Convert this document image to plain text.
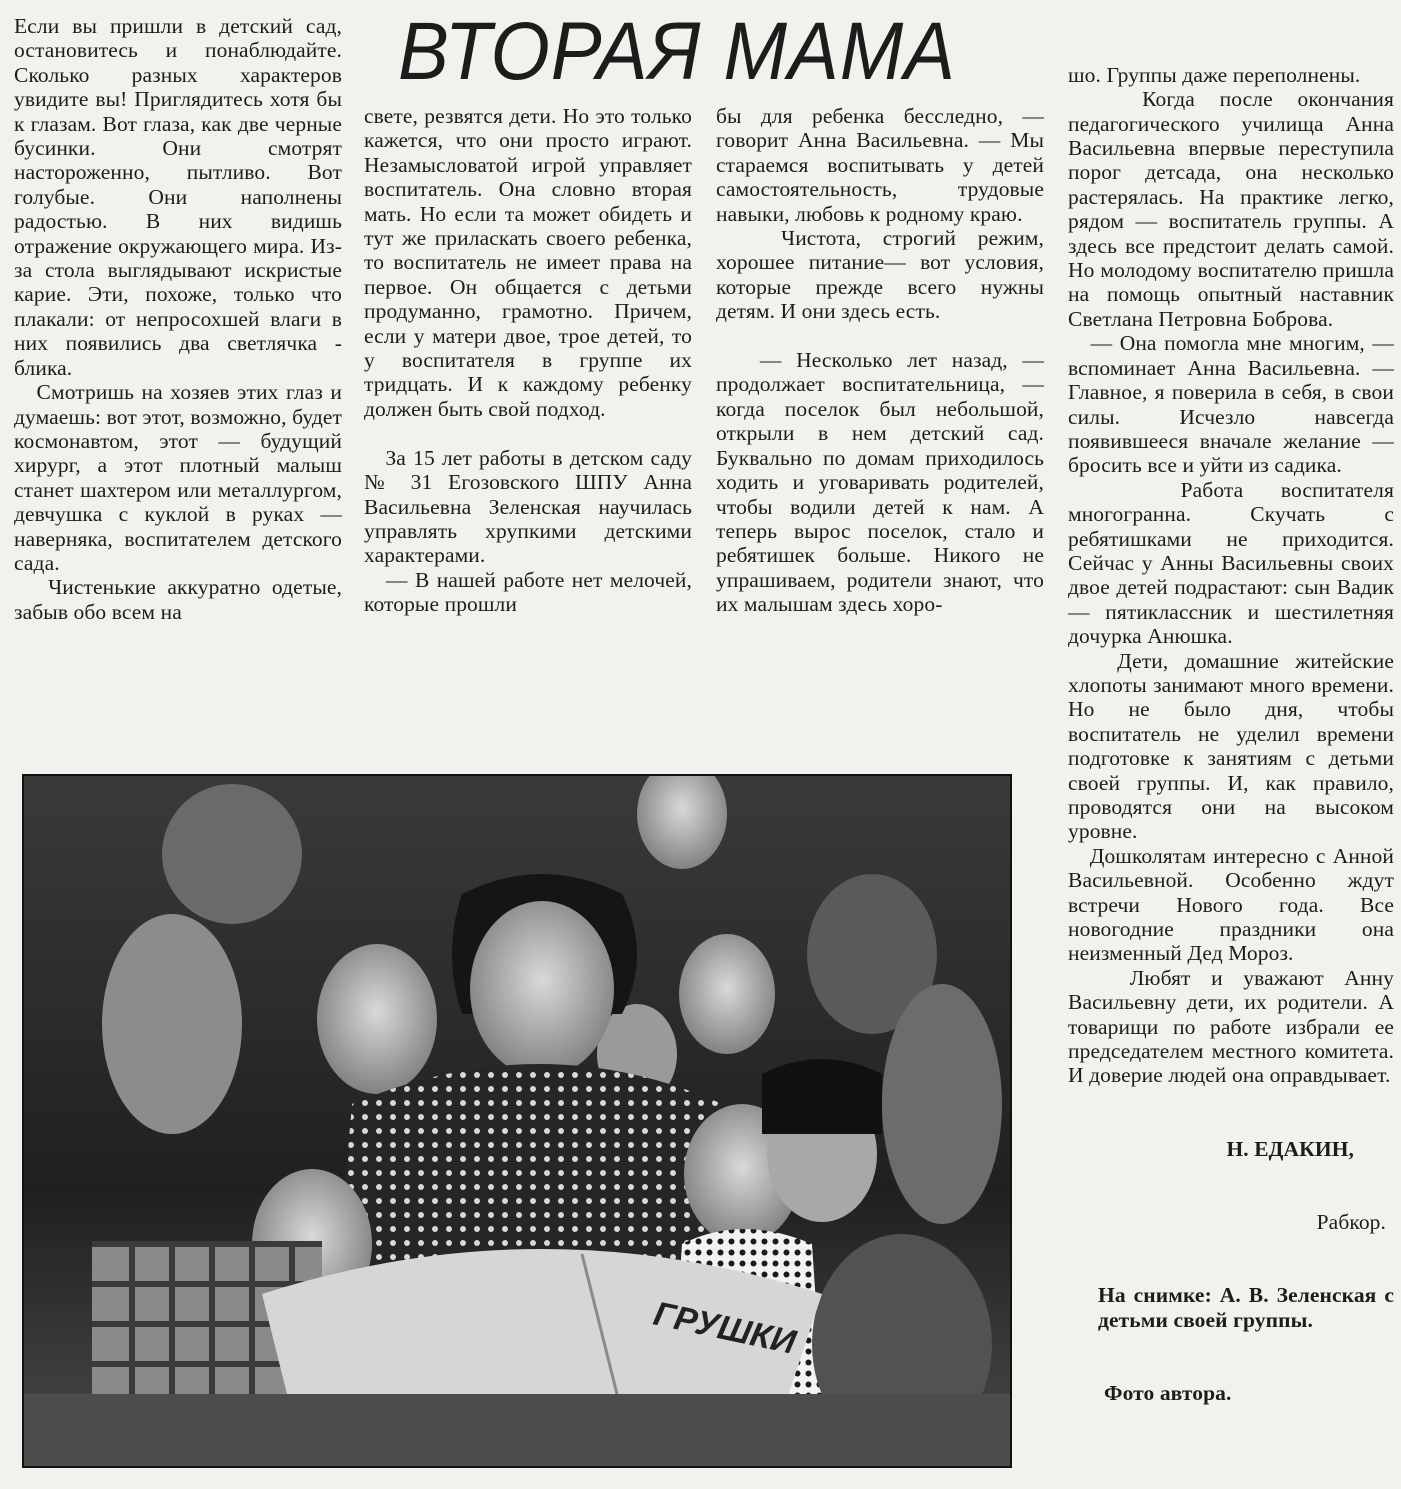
ВТОРАЯ МАМА

Если вы пришли в детский сад, остановитесь и понаблюдайте. Сколько разных характеров увидите вы! Приглядитесь хотя бы к глазам. Вот глаза, как две черные бусинки. Они смотрят настороженно, пытливо. Вот голубые. Они наполнены радостью. В них видишь отражение окружающего мира. Из-за стола выглядывают искристые карие. Эти, похоже, только что плакали: от непросохшей влаги в них появились два светлячка - блика.
Смотришь на хозяев этих глаз и думаешь: вот этот, возможно, будет космонавтом, этот — будущий хирург, а этот плотный малыш станет шахтером или металлургом, девчушка с куклой в руках — наверняка, воспитателем детского сада.
Чистенькие аккуратно одетые, забыв обо всем на

свете, резвятся дети. Но это только кажется, что они просто играют. Незамысловатой игрой управляет воспитатель. Она словно вторая мать. Но если та может обидеть и тут же приласкать своего ребенка, то воспитатель не имеет права на первое. Он общается с детьми продуманно, грамотно. Причем, если у матери двое, трое детей, то у воспитателя в группе их тридцать. И к каждому ребенку должен быть свой подход.

За 15 лет работы в детском саду № 31 Егозовского ШПУ Анна Васильевна Зеленская научилась управлять хрупкими детскими характерами.
— В нашей работе нет мелочей, которые прошли

бы для ребенка бесследно, — говорит Анна Васильевна. — Мы стараемся воспитывать у детей самостоятельность, трудовые навыки, любовь к родному краю.
Чистота, строгий режим, хорошее питание— вот условия, которые прежде всего нужны детям. И они здесь есть.

— Несколько лет назад, — продолжает воспитательница, — когда поселок был небольшой, открыли в нем детский сад. Буквально по домам приходилось ходить и уговаривать родителей, чтобы водили детей к нам. А теперь вырос поселок, стало и ребятишек больше. Никого не упрашиваем, родители знают, что их малышам здесь хоро-

шо. Группы даже переполнены.
Когда после окончания педагогического училища Анна Васильевна впервые переступила порог детсада, она несколько растерялась. На практике легко, рядом — воспитатель группы. А здесь все предстоит делать самой. Но молодому воспитателю пришла на помощь опытный наставник Светлана Петровна Боброва.
— Она помогла мне многим, — вспоминает Анна Васильевна. — Главное, я поверила в себя, в свои силы. Исчезло навсегда появившееся вначале желание — бросить все и уйти из садика.
Работа воспитателя многогранна. Скучать с ребятишками не приходится. Сейчас у Анны Васильевны своих двое детей подрастают: сын Вадик — пятиклассник и шестилетняя дочурка Анюшка.
Дети, домашние житейские хлопоты занимают много времени. Но не было дня, чтобы воспитатель не уделил времени подготовке к занятиям с детьми своей группы. И, как правило, проводятся они на высоком уровне.
Дошколятам интересно с Анной Васильевной. Особенно ждут встречи Нового года. Все новогодние праздники она неизменный Дед Мороз.
Любят и уважают Анну Васильевну дети, их родители. А товарищи по работе избрали ее председателем местного комитета. И доверие людей она оправдывает.

Н. ЕДАКИН,

Рабкор.

На снимке: А. В. Зеленская с детьми своей группы.

Фото автора.

ГРУШКИ
